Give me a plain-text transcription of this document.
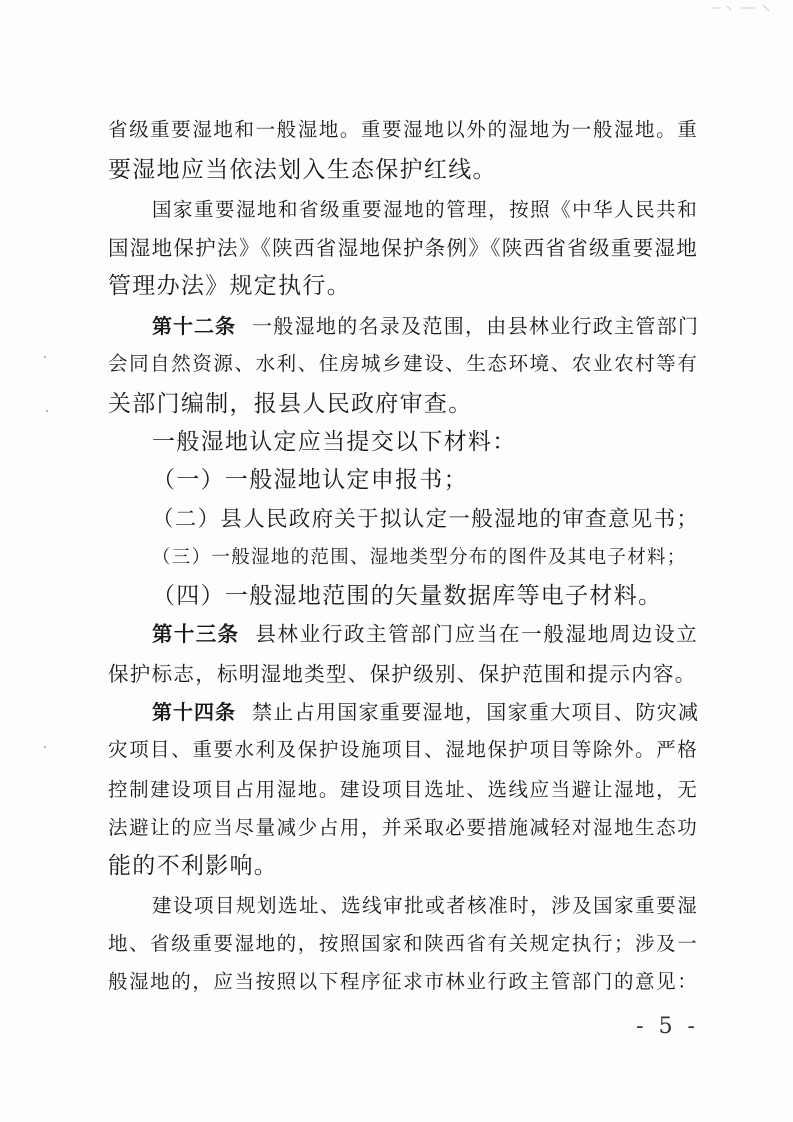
省级重要湿地和一般湿地。重要湿地以外的湿地为一般湿地。重
要湿地应当依法划入生态保护红线。
国家重要湿地和省级重要湿地的管理，按照《中华人民共和
国湿地保护法》《陕西省湿地保护条例》《陕西省省级重要湿地
管理办法》规定执行。
第十二条 一般湿地的名录及范围，由县林业行政主管部门
会同自然资源、水利、住房城乡建设、生态环境、农业农村等有
关部门编制，报县人民政府审查。
一般湿地认定应当提交以下材料：
（一）一般湿地认定申报书；
（二）县人民政府关于拟认定一般湿地的审查意见书；
（三）一般湿地的范围、湿地类型分布的图件及其电子材料；
（四）一般湿地范围的矢量数据库等电子材料。
第十三条 县林业行政主管部门应当在一般湿地周边设立
保护标志，标明湿地类型、保护级别、保护范围和提示内容。
第十四条 禁止占用国家重要湿地，国家重大项目、防灾减
灾项目、重要水利及保护设施项目、湿地保护项目等除外。严格
控制建设项目占用湿地。建设项目选址、选线应当避让湿地，无
法避让的应当尽量减少占用，并采取必要措施减轻对湿地生态功
能的不利影响。
建设项目规划选址、选线审批或者核准时，涉及国家重要湿
地、省级重要湿地的，按照国家和陕西省有关规定执行；涉及一
般湿地的，应当按照以下程序征求市林业行政主管部门的意见：
- 5 -
